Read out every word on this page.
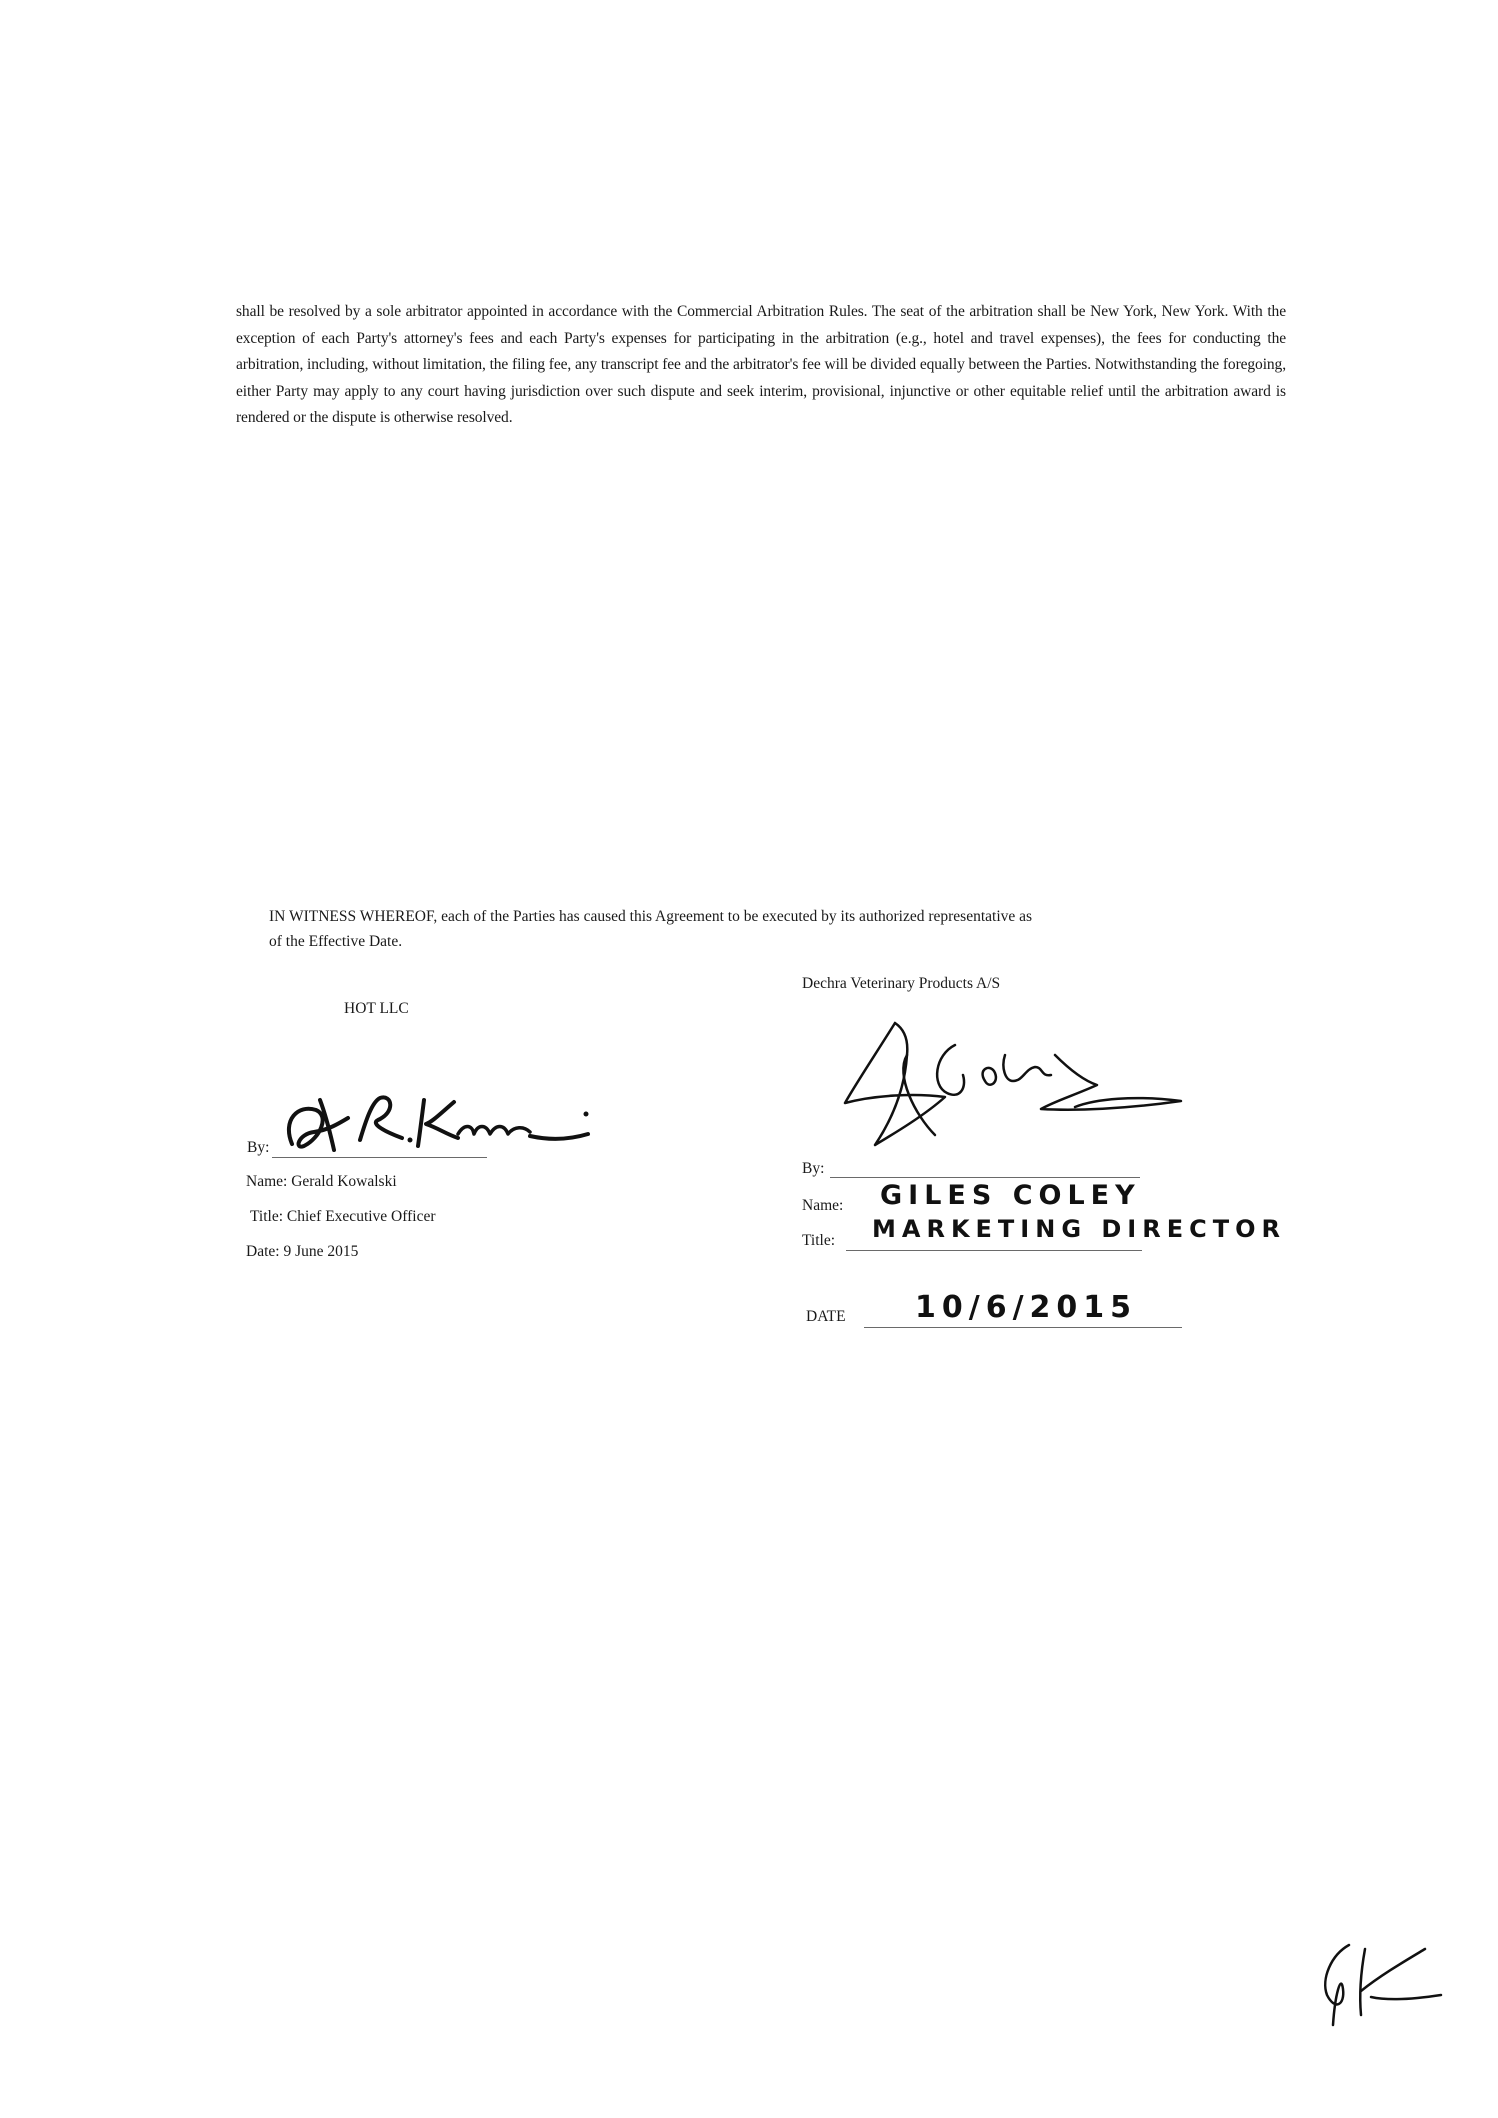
shall be resolved by a sole arbitrator appointed in accordance with the Commercial Arbitration Rules. The seat of the arbitration shall be New York, New York. With the exception of each Party's attorney's fees and each Party's expenses for participating in the arbitration (e.g., hotel and travel expenses), the fees for conducting the arbitration, including, without limitation, the filing fee, any transcript fee and the arbitrator's fee will be divided equally between the Parties. Notwithstanding the foregoing, either Party may apply to any court having jurisdiction over such dispute and seek interim, provisional, injunctive or other equitable relief until the arbitration award is rendered or the dispute is otherwise resolved.

IN WITNESS WHEREOF, each of the Parties has caused this Agreement to be executed by its authorized representative as
of the Effective Date.
HOT LLC
By:
Name: Gerald Kowalski
Title: Chief Executive Officer
Date: 9 June 2015
Dechra Veterinary Products A/S
By:
Name: GILES COLEY
Title: MARKETING DIRECTOR
DATE 10/6/2015
